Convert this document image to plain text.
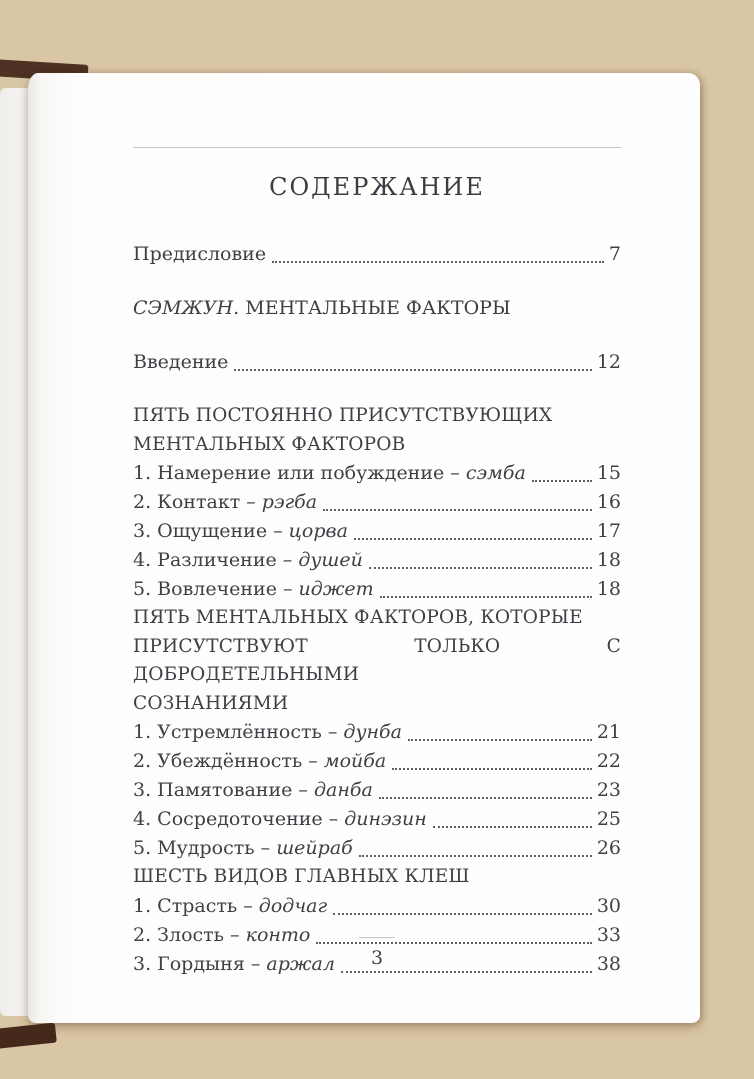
СОДЕРЖАНИЕ
Предисловие	7
СЭМЖУН. МЕНТАЛЬНЫЕ ФАКТОРЫ
Введение	12
ПЯТЬ ПОСТОЯННО ПРИСУТСТВУЮЩИХ
МЕНТАЛЬНЫХ ФАКТОРОВ
1. Намерение или побуждение – сэмба	15
2. Контакт – рэгба	16
3. Ощущение – цорва	17
4. Различение – душей	18
5. Вовлечение – иджет	18
ПЯТЬ МЕНТАЛЬНЫХ ФАКТОРОВ, КОТОРЫЕ
ПРИСУТСТВУЮТ ТОЛЬКО С ДОБРОДЕТЕЛЬНЫМИ
СОЗНАНИЯМИ
1. Устремлённость – дунба	21
2. Убеждённость – мойба	22
3. Памятование – данба	23
4. Сосредоточение – динэзин	25
5. Мудрость – шейраб	26
ШЕСТЬ ВИДОВ ГЛАВНЫХ КЛЕШ
1. Страсть – додчаг	30
2. Злость – конто	33
3. Гордыня – аржал	38
3
